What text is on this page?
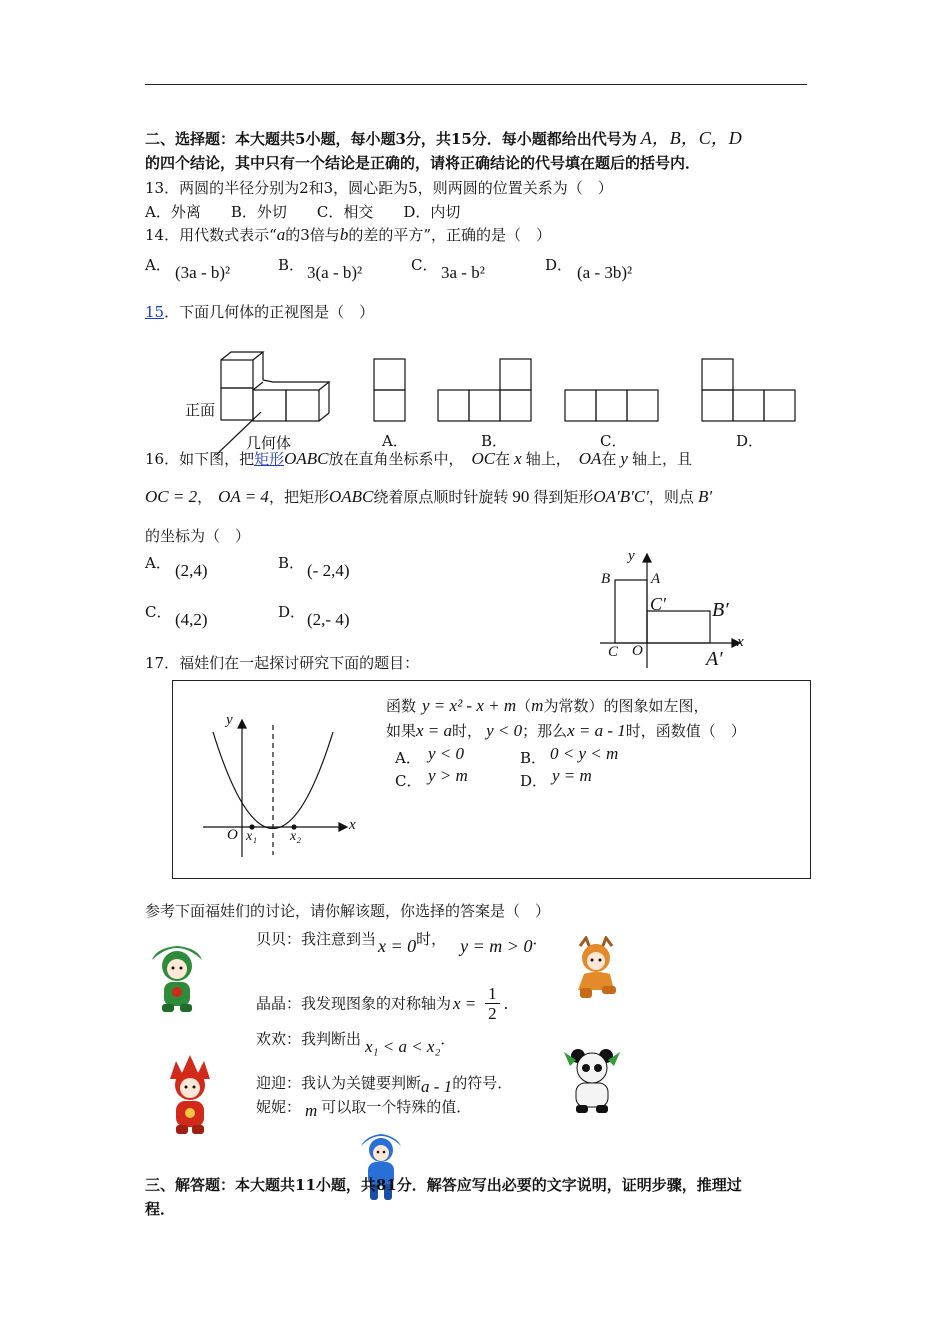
二、选择题：本大题共5小题，每小题3分，共15分．每小题都给出代号为 A，B，C，D
的四个结论，其中只有一个结论是正确的，请将正确结论的代号填在题后的括号内．
13．两圆的半径分别为2和3，圆心距为5，则两圆的位置关系为（　）
A．外离　　B．外切　　C．相交　　D．内切
14．用代数式表示“a的3倍与b的差的平方”，正确的是（　）
A． (3a - b)²	B． 3(a - b)²	C． 3a - b²	D． (a - 3b)²
15．下面几何体的正视图是（　）
正面
几何体	A．	B．	C．	D．
16．如下图，把矩形OABC放在直角坐标系中， OC在 x 轴上， OA在 y 轴上，且
OC = 2， OA = 4，把矩形OABC绕着原点顺时针旋转 90 得到矩形OA′B′C′，则点 B′
的坐标为（　）
A． (2,4)	B． (- 2,4)
C． (4,2)	D． (2,- 4)
y
x
B	A
C′ B′
C O	A′
17．福娃们在一起探讨研究下面的题目：
y
x
O x₁ x₂
函数 y = x² - x + m（m为常数）的图象如左图，
如果x = a时， y < 0；那么x = a - 1时，函数值（　）
A． y < 0	B． 0 < y < m
C． y > m	D． y = m
参考下面福娃们的讨论，请你解该题，你选择的答案是（　）
贝贝：我注意到当 x = 0时， y = m > 0．
晶晶：我发现图象的对称轴为 $x = \frac{1}{2}$ ．
欢欢：我判断出 x₁ < a < x₂．
迎迎：我认为关键要判断a - 1的符号．
妮妮： m 可以取一个特殊的值．
三、解答题：本大题共11小题，共81分．解答应写出必要的文字说明，证明步骤，推理过
程．
